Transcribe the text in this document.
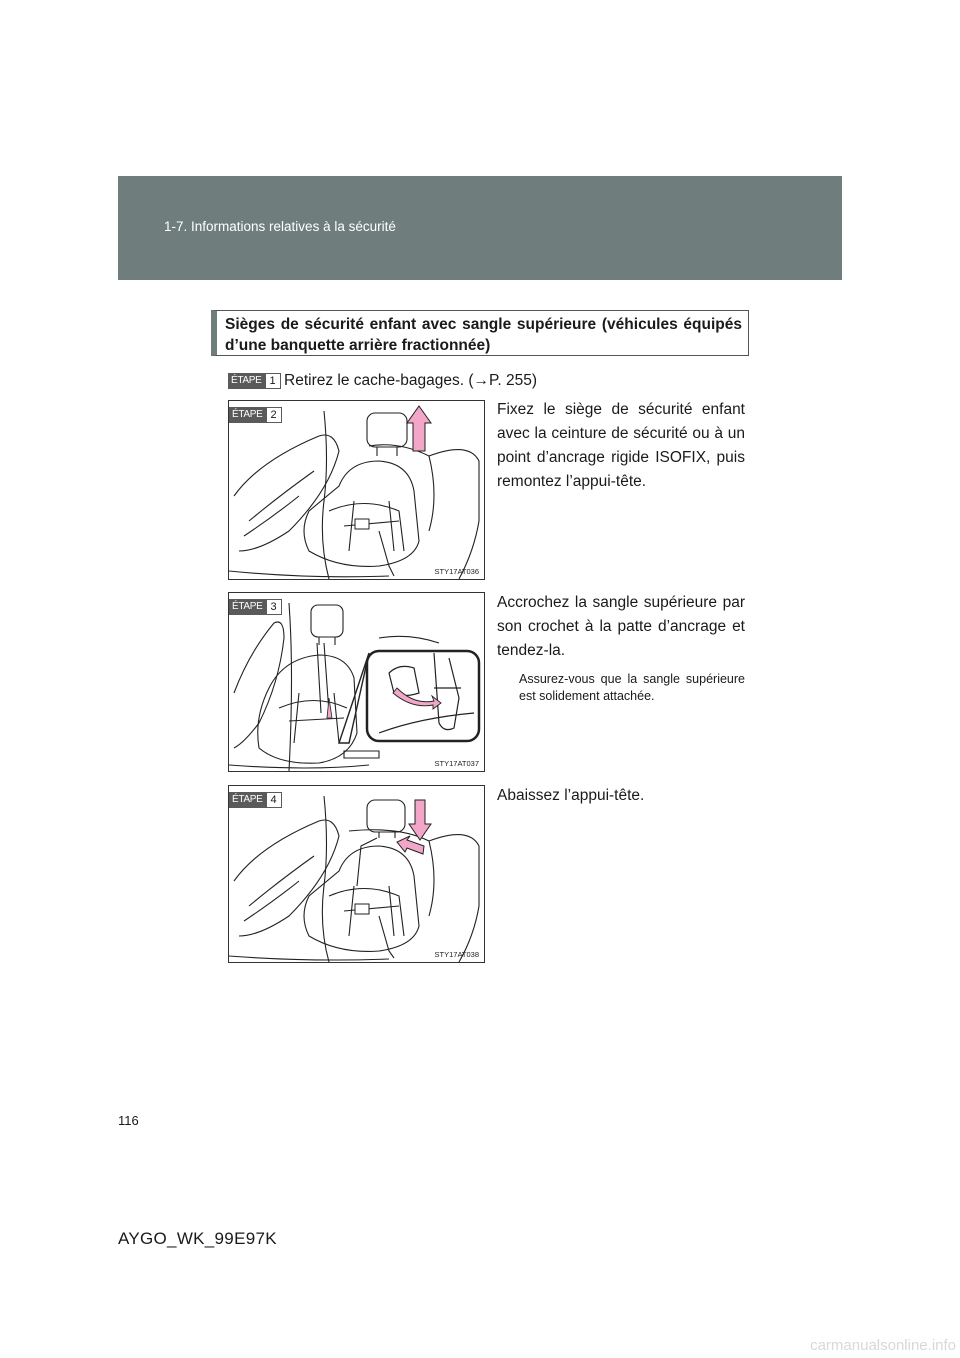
1-7. Informations relatives à la sécurité
Sièges de sécurité enfant avec sangle supérieure (véhicules équipés d’une banquette arrière fractionnée)
ÉTAPE 1 Retirez le cache-bagages. (→P. 255)
ÉTAPE 2
STY17AT036
Fixez le siège de sécurité enfant avec la ceinture de sécurité ou à un point d’ancrage rigide ISOFIX, puis remontez l’appui-tête.
ÉTAPE 3
STY17AT037
Accrochez la sangle supérieure par son crochet à la patte d’ancrage et tendez-la.
Assurez-vous que la sangle supérieure est solidement attachée.
ÉTAPE 4
STY17AT038
Abaissez l’appui-tête.
116
AYGO_WK_99E97K
carmanualsonline.info
